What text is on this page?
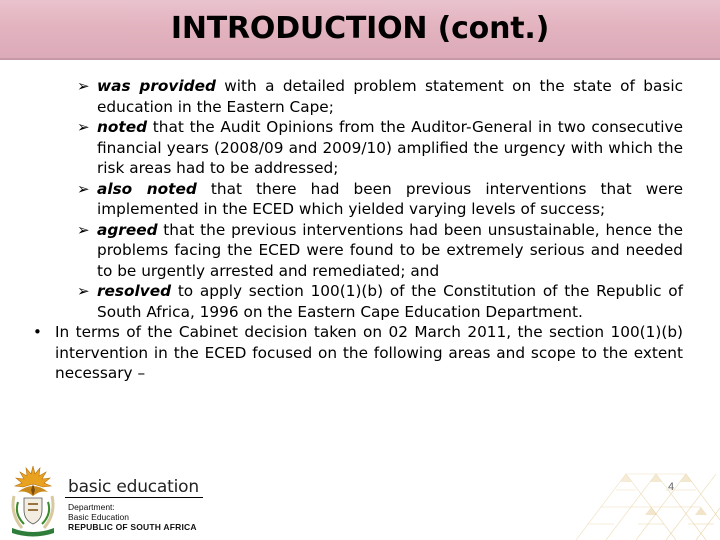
INTRODUCTION (cont.)
➢ was provided with a detailed problem statement on the state of basic education in the Eastern Cape;
➢ noted that the Audit Opinions from the Auditor-General in two consecutive financial years (2008/09 and 2009/10) amplified the urgency with which the risk areas had to be addressed;
➢ also noted that there had been previous interventions that were implemented in the ECED which yielded varying levels of success;
➢ agreed that the previous interventions had been unsustainable, hence the problems facing the ECED were found to be extremely serious and needed to be urgently arrested and remediated; and
➢ resolved to apply section 100(1)(b) of the Constitution of the Republic of South Africa, 1996 on the Eastern Cape Education Department.
• In terms of the Cabinet decision taken on 02 March 2011, the section 100(1)(b) intervention in the ECED focused on the following areas and scope to the extent necessary –
basic education
Department:
Basic Education
REPUBLIC OF SOUTH AFRICA
4
